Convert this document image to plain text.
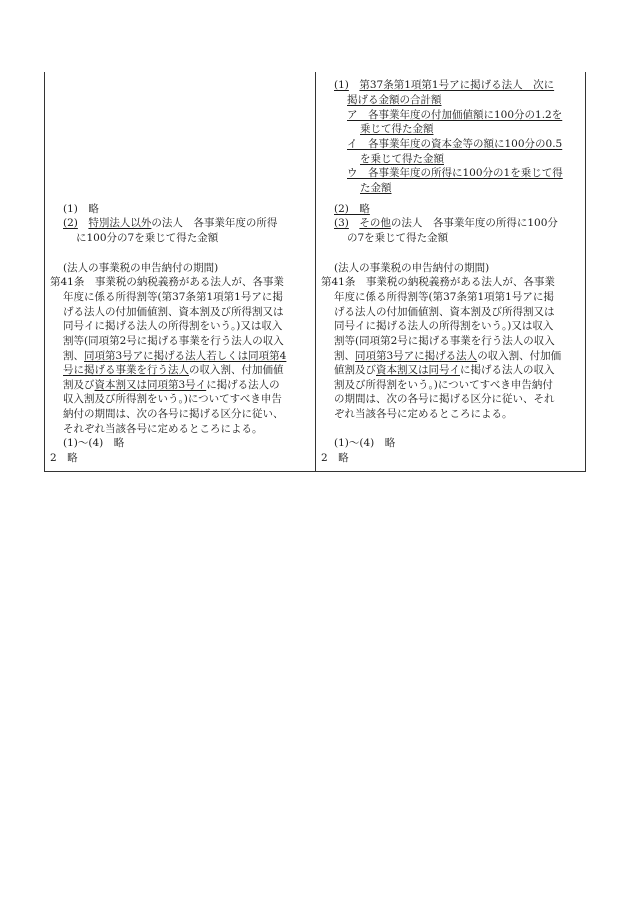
(1)　略
(2)　 特別法人以外の法人　各事業年度の所得
に100分の7を乗じて得た金額
(法人の事業税の申告納付の期間)
第41条　事業税の納税義務がある法人が、各事業
年度に係る所得割等(第37条第1項第1号アに掲
げる法人の付加価値割、資本割及び所得割又は
同号イに掲げる法人の所得割をいう。)又は収入
割等(同項第2号に掲げる事業を行う法人の収入
割、同項第3号アに掲げる法人若しくは同項第4
号に掲げる事業を行う法人の収入割、付加価値
割及び資本割又は同項第3号イに掲げる法人の
収入割及び所得割をいう。)についてすべき申告
納付の期間は、次の各号に掲げる区分に従い、
それぞれ当該各号に定めるところによる。
(1)～(4)　略
2　略
(1)　 第37条第1項第1号アに掲げる法人　次に
掲げる金額の合計額
ア　各事業年度の付加価値額に100分の1.2を
乗じて得た金額
イ　各事業年度の資本金等の額に100分の0.5
を乗じて得た金額
ウ　各事業年度の所得に100分の1を乗じて得
た金額
(2)　略
(3)　 その他の法人　各事業年度の所得に100分
の7を乗じて得た金額
(法人の事業税の申告納付の期間)
第41条　事業税の納税義務がある法人が、各事業
年度に係る所得割等(第37条第1項第1号アに掲
げる法人の付加価値割、資本割及び所得割又は
同号イに掲げる法人の所得割をいう。)又は収入
割等(同項第2号に掲げる事業を行う法人の収入
割、同項第3号アに掲げる法人の収入割、付加価
値割及び資本割又は同号イに掲げる法人の収入
割及び所得割をいう。)についてすべき申告納付
の期間は、次の各号に掲げる区分に従い、それ
ぞれ当該各号に定めるところによる。
(1)～(4)　略
2　略
